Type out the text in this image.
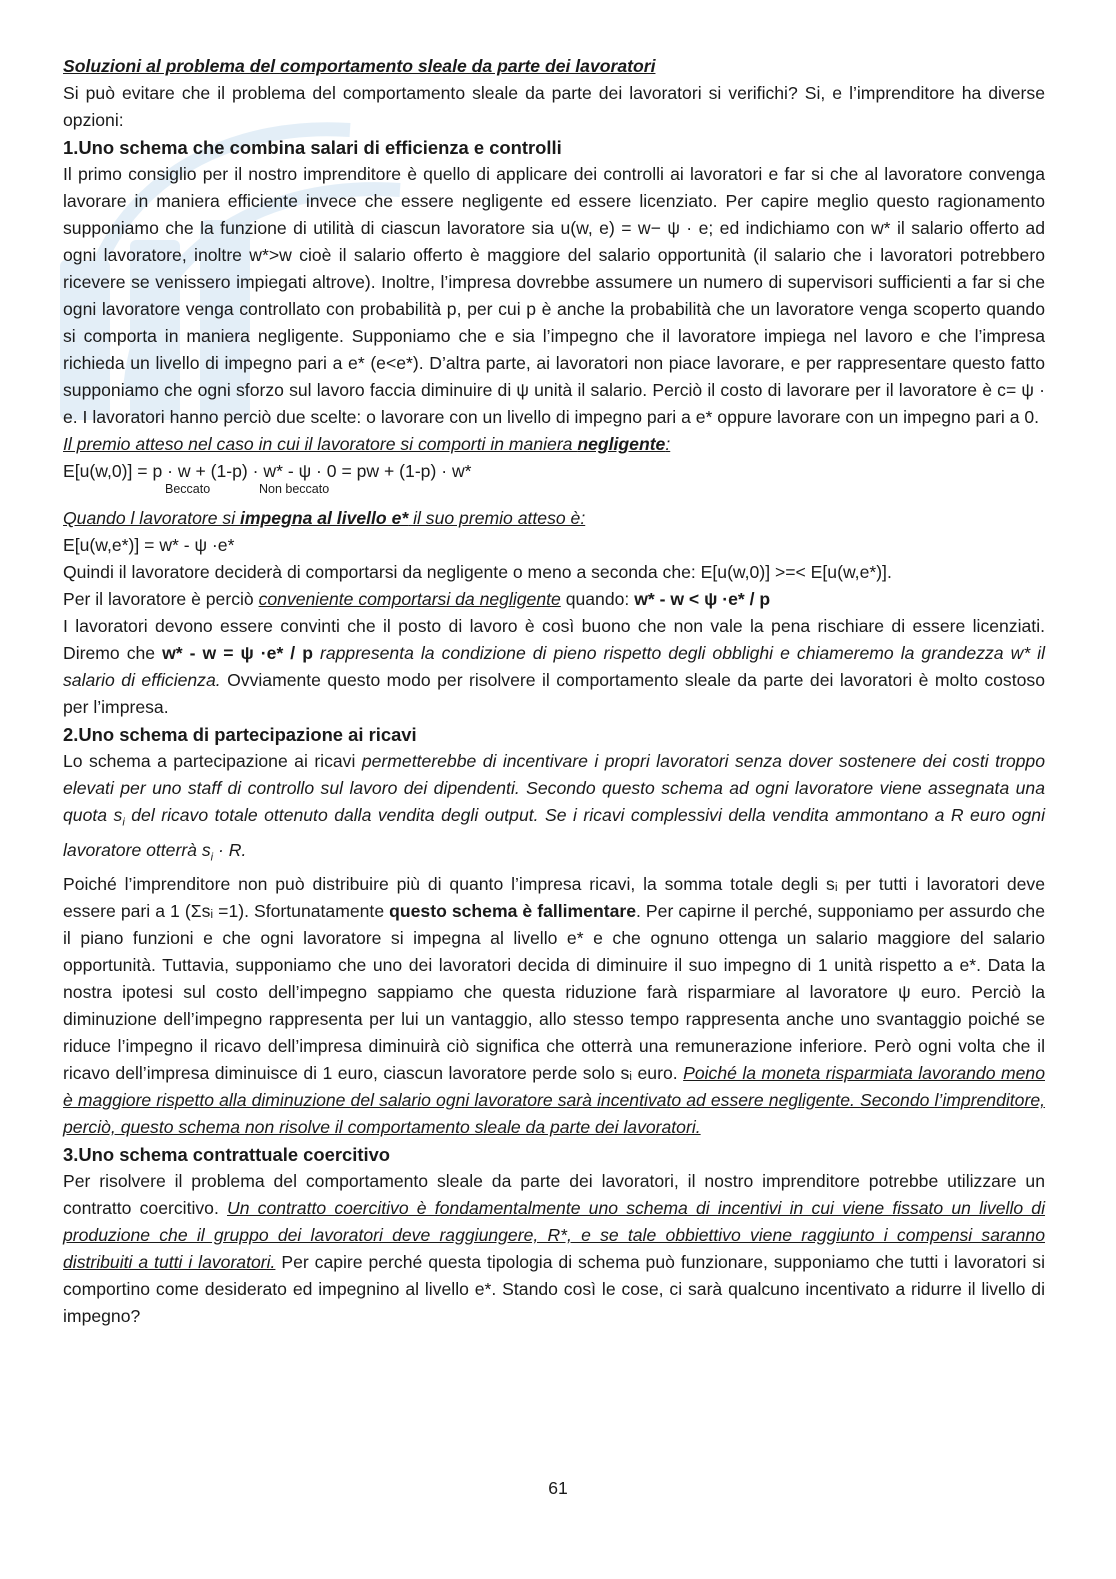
Soluzioni al problema del comportamento sleale da parte dei lavoratori

Si può evitare che il problema del comportamento sleale da parte dei lavoratori si verifichi? Si, e l’imprenditore ha diverse opzioni:

1.Uno schema che combina salari di efficienza e controlli

Il primo consiglio per il nostro imprenditore è quello di applicare dei controlli ai lavoratori e far si che al lavoratore convenga lavorare in maniera efficiente invece che essere negligente ed essere licenziato. Per capire meglio questo ragionamento supponiamo che la funzione di utilità di ciascun lavoratore sia u(w, e) = w− ψ · e; ed indichiamo con w* il salario offerto ad ogni lavoratore, inoltre w*>w cioè il salario offerto è maggiore del salario opportunità (il salario che i lavoratori potrebbero ricevere se venissero impiegati altrove). Inoltre, l’impresa dovrebbe assumere un numero di supervisori sufficienti a far si che ogni lavoratore venga controllato con probabilità p, per cui p è anche la probabilità che un lavoratore venga scoperto quando si comporta in maniera negligente. Supponiamo che e sia l’impegno che il lavoratore impiega nel lavoro e che l’impresa richieda un livello di impegno pari a e* (e<e*). D’altra parte, ai lavoratori non piace lavorare, e per rappresentare questo fatto supponiamo che ogni sforzo sul lavoro faccia diminuire di ψ unità il salario. Perciò il costo di lavorare per il lavoratore è c= ψ · e. I lavoratori hanno perciò due scelte: o lavorare con un livello di impegno pari a e* oppure lavorare con un impegno pari a 0.

Il premio atteso nel caso in cui il lavoratore si comporti in maniera negligente:

E[u(w,0)] = p · w + (1-p) · w* - ψ · 0 = pw + (1-p) · w*

Beccato	Non beccato

Quando l lavoratore si impegna al livello e* il suo premio atteso è:

E[u(w,e*)] = w* - ψ ·e*

Quindi il lavoratore deciderà di comportarsi da negligente o meno a seconda che: E[u(w,0)] >=< E[u(w,e*)].

Per il lavoratore è perciò conveniente comportarsi da negligente quando: w* - w < ψ ·e* / p

I lavoratori devono essere convinti che il posto di lavoro è così buono che non vale la pena rischiare di essere licenziati. Diremo che w* - w = ψ ·e* / p rappresenta la condizione di pieno rispetto degli obblighi e chiameremo la grandezza w* il salario di efficienza. Ovviamente questo modo per risolvere il comportamento sleale da parte dei lavoratori è molto costoso per l’impresa.

2.Uno schema di partecipazione ai ricavi

Lo schema a partecipazione ai ricavi permetterebbe di incentivare i propri lavoratori senza dover sostenere dei costi troppo elevati per uno staff di controllo sul lavoro dei dipendenti. Secondo questo schema ad ogni lavoratore viene assegnata una quota $s_i$ del ricavo totale ottenuto dalla vendita degli output. Se i ricavi complessivi della vendita ammontano a R euro ogni lavoratore otterrà $s_i \cdot R$.

Poiché l’imprenditore non può distribuire più di quanto l’impresa ricavi, la somma totale degli sᵢ per tutti i lavoratori deve essere pari a 1 (Σsᵢ =1). Sfortunatamente questo schema è fallimentare. Per capirne il perché, supponiamo per assurdo che il piano funzioni e che ogni lavoratore si impegna al livello e* e che ognuno ottenga un salario maggiore del salario opportunità. Tuttavia, supponiamo che uno dei lavoratori decida di diminuire il suo impegno di 1 unità rispetto a e*. Data la nostra ipotesi sul costo dell’impegno sappiamo che questa riduzione farà risparmiare al lavoratore ψ euro. Perciò la diminuzione dell’impegno rappresenta per lui un vantaggio, allo stesso tempo rappresenta anche uno svantaggio poiché se riduce l’impegno il ricavo dell’impresa diminuirà ciò significa che otterrà una remunerazione inferiore. Però ogni volta che il ricavo dell’impresa diminuisce di 1 euro, ciascun lavoratore perde solo sᵢ euro. Poiché la moneta risparmiata lavorando meno è maggiore rispetto alla diminuzione del salario ogni lavoratore sarà incentivato ad essere negligente. Secondo l’imprenditore, perciò, questo schema non risolve il comportamento sleale da parte dei lavoratori.

3.Uno schema contrattuale coercitivo

Per risolvere il problema del comportamento sleale da parte dei lavoratori, il nostro imprenditore potrebbe utilizzare un contratto coercitivo. Un contratto coercitivo è fondamentalmente uno schema di incentivi in cui viene fissato un livello di produzione che il gruppo dei lavoratori deve raggiungere, R*, e se tale obbiettivo viene raggiunto i compensi saranno distribuiti a tutti i lavoratori. Per capire perché questa tipologia di schema può funzionare, supponiamo che tutti i lavoratori si comportino come desiderato ed impegnino al livello e*. Stando così le cose, ci sarà qualcuno incentivato a ridurre il livello di impegno?

61
